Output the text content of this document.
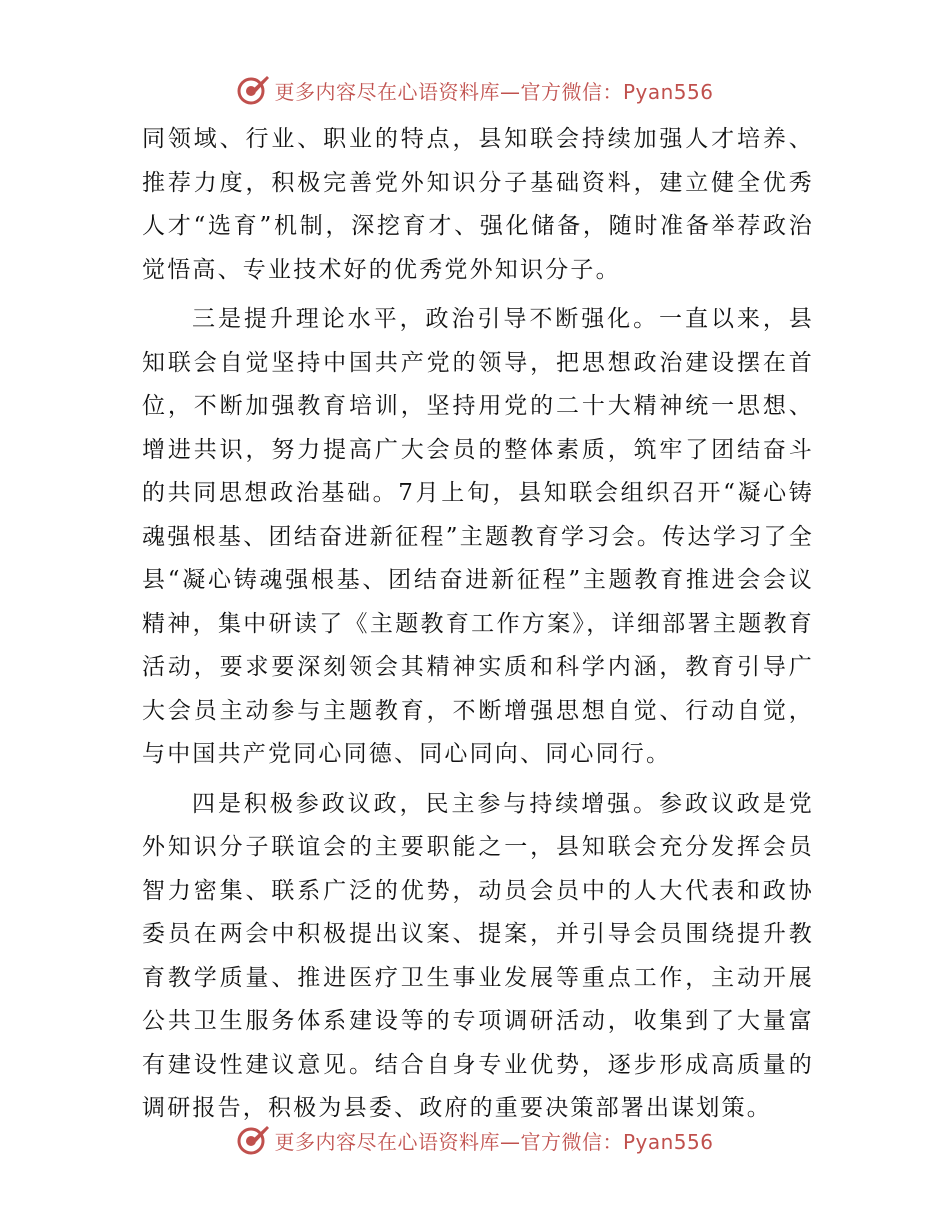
更多内容尽在心语资料库—官方微信：Pyan556

同领域、行业、职业的特点，县知联会持续加强人才培养、推荐力度，积极完善党外知识分子基础资料，建立健全优秀人才“选育”机制，深挖育才、强化储备，随时准备举荐政治觉悟高、专业技术好的优秀党外知识分子。

三是提升理论水平，政治引导不断强化。一直以来，县知联会自觉坚持中国共产党的领导，把思想政治建设摆在首位，不断加强教育培训，坚持用党的二十大精神统一思想、增进共识，努力提高广大会员的整体素质，筑牢了团结奋斗的共同思想政治基础。7月上旬，县知联会组织召开“凝心铸魂强根基、团结奋进新征程”主题教育学习会。传达学习了全县“凝心铸魂强根基、团结奋进新征程”主题教育推进会会议精神，集中研读了《主题教育工作方案》，详细部署主题教育活动，要求要深刻领会其精神实质和科学内涵，教育引导广大会员主动参与主题教育，不断增强思想自觉、行动自觉，与中国共产党同心同德、同心同向、同心同行。

四是积极参政议政，民主参与持续增强。参政议政是党外知识分子联谊会的主要职能之一，县知联会充分发挥会员智力密集、联系广泛的优势，动员会员中的人大代表和政协委员在两会中积极提出议案、提案，并引导会员围绕提升教育教学质量、推进医疗卫生事业发展等重点工作，主动开展公共卫生服务体系建设等的专项调研活动，收集到了大量富有建设性建议意见。结合自身专业优势，逐步形成高质量的调研报告，积极为县委、政府的重要决策部署出谋划策。

更多内容尽在心语资料库—官方微信：Pyan556
